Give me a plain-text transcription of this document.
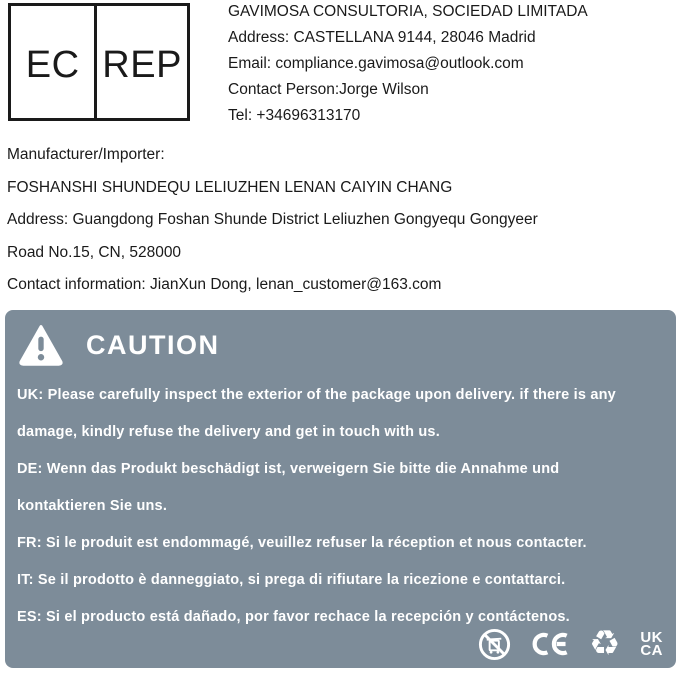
EC REP
GAVIMOSA CONSULTORIA, SOCIEDAD LIMITADA
Address: CASTELLANA 9144, 28046 Madrid
Email: compliance.gavimosa@outlook.com
Contact Person:Jorge Wilson
Tel: +34696313170
Manufacturer/Importer:
FOSHANSHI SHUNDEQU LELIUZHEN LENAN CAIYIN CHANG
Address: Guangdong Foshan Shunde District Leliuzhen Gongyequ Gongyeer
Road No.15, CN, 528000
Contact information: JianXun Dong, lenan_customer@163.com
CAUTION

UK: Please carefully inspect the exterior of the package upon delivery. if there is any

damage, kindly refuse the delivery and get in touch with us.

DE: Wenn das Produkt beschädigt ist, verweigern Sie bitte die Annahme und

kontaktieren Sie uns.

FR: Si le produit est endommagé, veuillez refuser la réception et nous contacter.

IT: Se il prodotto è danneggiato, si prega di rifiutare la ricezione e contattarci.

ES: Si el producto está dañado, por favor rechace la recepción y contáctenos.

♻ UK
CA
